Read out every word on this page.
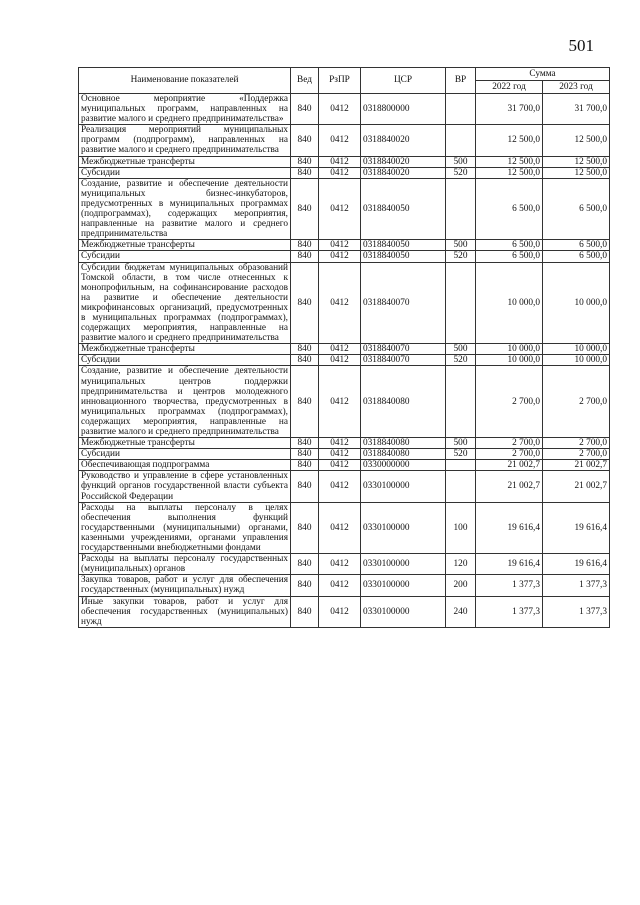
501
Наименование показателей	Вед	РзПР	ЦСР	ВР	Сумма	
					2022 год	2023 год
Основное мероприятие «Поддержка муниципальных программ, направленных на развитие малого и среднего предпринимательства»	840	0412	0318800000		31 700,0	31 700,0
Реализация мероприятий муниципальных программ (подпрограмм), направленных на развитие малого и среднего предпринимательства	840	0412	0318840020		12 500,0	12 500,0
Межбюджетные трансферты	840	0412	0318840020	500	12 500,0	12 500,0
Субсидии	840	0412	0318840020	520	12 500,0	12 500,0
Создание, развитие и обеспечение деятельности муниципальных бизнес-инкубаторов, предусмотренных в муниципальных программах (подпрограммах), содержащих мероприятия, направленные на развитие малого и среднего предпринимательства	840	0412	0318840050		6 500,0	6 500,0
Межбюджетные трансферты	840	0412	0318840050	500	6 500,0	6 500,0
Субсидии	840	0412	0318840050	520	6 500,0	6 500,0
Субсидии бюджетам муниципальных образований Томской области, в том числе отнесенных к монопрофильным, на софинансирование расходов на развитие и обеспечение деятельности микрофинансовых организаций, предусмотренных в муниципальных программах (подпрограммах), содержащих мероприятия, направленные на развитие малого и среднего предпринимательства	840	0412	0318840070		10 000,0	10 000,0
Межбюджетные трансферты	840	0412	0318840070	500	10 000,0	10 000,0
Субсидии	840	0412	0318840070	520	10 000,0	10 000,0
Создание, развитие и обеспечение деятельности муниципальных центров поддержки предпринимательства и центров молодежного инновационного творчества, предусмотренных в муниципальных программах (подпрограммах), содержащих мероприятия, направленные на развитие малого и среднего предпринимательства	840	0412	0318840080		2 700,0	2 700,0
Межбюджетные трансферты	840	0412	0318840080	500	2 700,0	2 700,0
Субсидии	840	0412	0318840080	520	2 700,0	2 700,0
Обеспечивающая подпрограмма	840	0412	0330000000		21 002,7	21 002,7
Руководство и управление в сфере установленных функций органов государственной власти субъекта Российской Федерации	840	0412	0330100000		21 002,7	21 002,7
Расходы на выплаты персоналу в целях обеспечения выполнения функций государственными (муниципальными) органами, казенными учреждениями, органами управления государственными внебюджетными фондами	840	0412	0330100000	100	19 616,4	19 616,4
Расходы на выплаты персоналу государственных (муниципальных) органов	840	0412	0330100000	120	19 616,4	19 616,4
Закупка товаров, работ и услуг для обеспечения государственных (муниципальных) нужд	840	0412	0330100000	200	1 377,3	1 377,3
Иные закупки товаров, работ и услуг для обеспечения государственных (муниципальных) нужд	840	0412	0330100000	240	1 377,3	1 377,3
